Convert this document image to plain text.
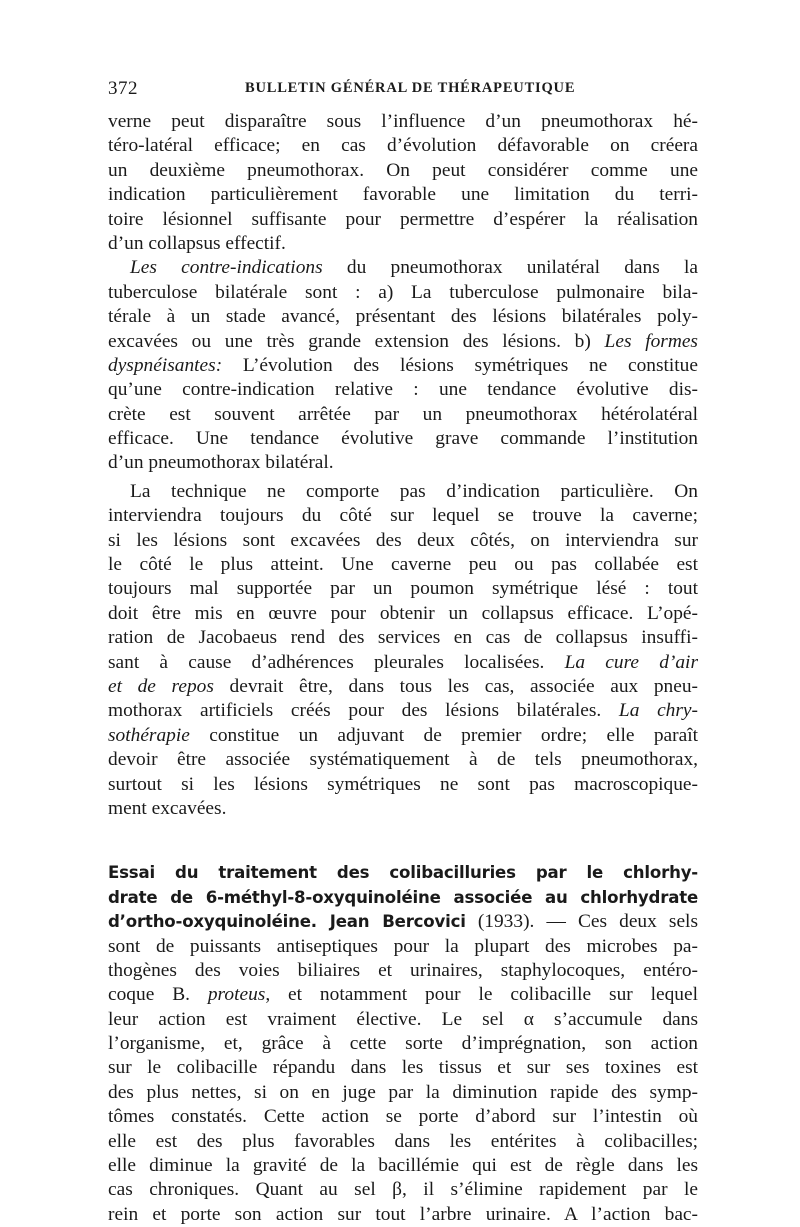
372	BULLETIN GÉNÉRAL DE THÉRAPEUTIQUE
verne peut disparaître sous l’influence d’un pneumothorax hé-
téro-latéral efficace; en cas d’évolution défavorable on créera
un deuxième pneumothorax. On peut considérer comme une
indication particulièrement favorable une limitation du terri-
toire lésionnel suffisante pour permettre d’espérer la réalisation
d’un collapsus effectif.
Les contre-indications du pneumothorax unilatéral dans la
tuberculose bilatérale sont : a) La tuberculose pulmonaire bila-
térale à un stade avancé, présentant des lésions bilatérales poly-
excavées ou une très grande extension des lésions. b) Les formes
dyspnéisantes: L’évolution des lésions symétriques ne constitue
qu’une contre-indication relative : une tendance évolutive dis-
crète est souvent arrêtée par un pneumothorax hétérolatéral
efficace. Une tendance évolutive grave commande l’institution
d’un pneumothorax bilatéral.
La technique ne comporte pas d’indication particulière. On
interviendra toujours du côté sur lequel se trouve la caverne;
si les lésions sont excavées des deux côtés, on interviendra sur
le côté le plus atteint. Une caverne peu ou pas collabée est
toujours mal supportée par un poumon symétrique lésé : tout
doit être mis en œuvre pour obtenir un collapsus efficace. L’opé-
ration de Jacobaeus rend des services en cas de collapsus insuffi-
sant à cause d’adhérences pleurales localisées. La cure d’air
et de repos devrait être, dans tous les cas, associée aux pneu-
mothorax artificiels créés pour des lésions bilatérales. La chry-
sothérapie constitue un adjuvant de premier ordre; elle paraît
devoir être associée systématiquement à de tels pneumothorax,
surtout si les lésions symétriques ne sont pas macroscopique-
ment excavées.
Essai du traitement des colibacilluries par le chlorhy-
drate de 6-méthyl-8-oxyquinoléine associée au chlorhydrate
d’ortho-oxyquinoléine. Jean Bercovici (1933). — Ces deux sels
sont de puissants antiseptiques pour la plupart des microbes pa-
thogènes des voies biliaires et urinaires, staphylocoques, entéro-
coque B. proteus, et notamment pour le colibacille sur lequel
leur action est vraiment élective. Le sel α s’accumule dans
l’organisme, et, grâce à cette sorte d’imprégnation, son action
sur le colibacille répandu dans les tissus et sur ses toxines est
des plus nettes, si on en juge par la diminution rapide des symp-
tômes constatés. Cette action se porte d’abord sur l’intestin où
elle est des plus favorables dans les entérites à colibacilles;
elle diminue la gravité de la bacillémie qui est de règle dans les
cas chroniques. Quant au sel β, il s’élimine rapidement par le
rein et porte son action sur tout l’arbre urinaire. A l’action bac-
